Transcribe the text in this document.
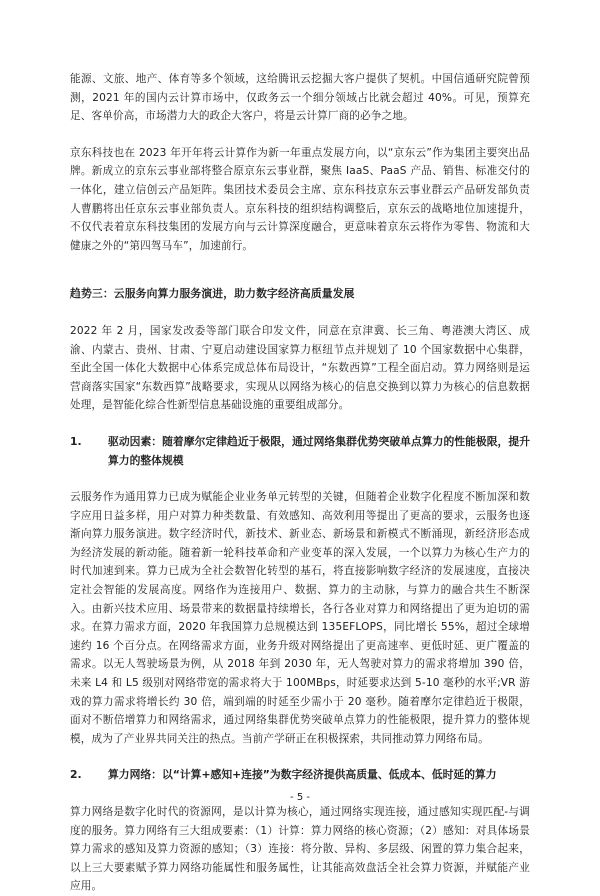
能源、文旅、地产、体育等多个领域，这给腾讯云挖掘大客户提供了契机。中国信通研究院曾预测，2021 年的国内云计算市场中，仅政务云一个细分领域占比就会超过 40%。可见，预算充足、客单价高，市场潜力大的政企大客户，将是云计算厂商的必争之地。

京东科技也在 2023 年开年将云计算作为新一年重点发展方向，以“京东云”作为集团主要突出品牌。新成立的京东云事业部将整合原京东云事业群，聚焦 IaaS、PaaS 产品、销售、标准交付的一体化，建立信创云产品矩阵。集团技术委员会主席、京东科技京东云事业群云产品研发部负责人曹鹏将出任京东云事业部负责人。京东科技的组织结构调整后，京东云的战略地位加速提升，不仅代表着京东科技集团的发展方向与云计算深度融合，更意味着京东云将作为零售、物流和大健康之外的“第四驾马车”，加速前行。

趋势三：云服务向算力服务演进，助力数字经济高质量发展

2022 年 2 月，国家发改委等部门联合印发文件，同意在京津冀、长三角、粤港澳大湾区、成渝、内蒙古、贵州、甘肃、宁夏启动建设国家算力枢纽节点并规划了 10 个国家数据中心集群，至此全国一体化大数据中心体系完成总体布局设计，“东数西算”工程全面启动。算力网络则是运营商落实国家“东数西算”战略要求，实现从以网络为核心的信息交换到以算力为核心的信息数据处理，是智能化综合性新型信息基础设施的重要组成部分。

1.	驱动因素：随着摩尔定律趋近于极限，通过网络集群优势突破单点算力的性能极限，提升算力的整体规模

云服务作为通用算力已成为赋能企业业务单元转型的关键，但随着企业数字化程度不断加深和数字应用日益多样，用户对算力种类数量、有效感知、高效利用等提出了更高的要求，云服务也逐渐向算力服务演进。数字经济时代，新技术、新业态、新场景和新模式不断涌现，新经济形态成为经济发展的新动能。随着新一轮科技革命和产业变革的深入发展，一个以算力为核心生产力的时代加速到来。算力已成为全社会数智化转型的基石，将直接影响数字经济的发展速度，直接决定社会智能的发展高度。网络作为连接用户、数据、算力的主动脉，与算力的融合共生不断深入。由新兴技术应用、场景带来的数据量持续增长，各行各业对算力和网络提出了更为迫切的需求。在算力需求方面，2020 年我国算力总规模达到 135EFLOPS，同比增长 55%，超过全球增速约 16 个百分点。在网络需求方面，业务升级对网络提出了更高速率、更低时延、更广覆盖的需求。以无人驾驶场景为例，从 2018 年到 2030 年，无人驾驶对算力的需求将增加 390 倍，未来 L4 和 L5 级别对网络带宽的需求将大于 100MBps，时延要求达到 5-10 毫秒的水平;VR 游戏的算力需求将增长约 30 倍，端到端的时延至少需小于 20 毫秒。随着摩尔定律趋近于极限，面对不断倍增算力和网络需求，通过网络集群优势突破单点算力的性能极限，提升算力的整体规模，成为了产业界共同关注的热点。当前产学研正在积极探索，共同推动算力网络布局。

2.	算力网络：以“计算+感知+连接”为数字经济提供高质量、低成本、低时延的算力

算力网络是数字化时代的资源网，是以计算为核心，通过网络实现连接，通过感知实现匹配-与调度的服务。算力网络有三大组成要素：（1）计算：算力网络的核心资源；（2）感知：对具体场景算力需求的感知及算力资源的感知；（3）连接：将分散、异构、多层级、闲置的算力集合起来，以上三大要素赋予算力网络功能属性和服务属性，让其能高效盘活全社会算力资源，并赋能产业应用。

- 5 -
